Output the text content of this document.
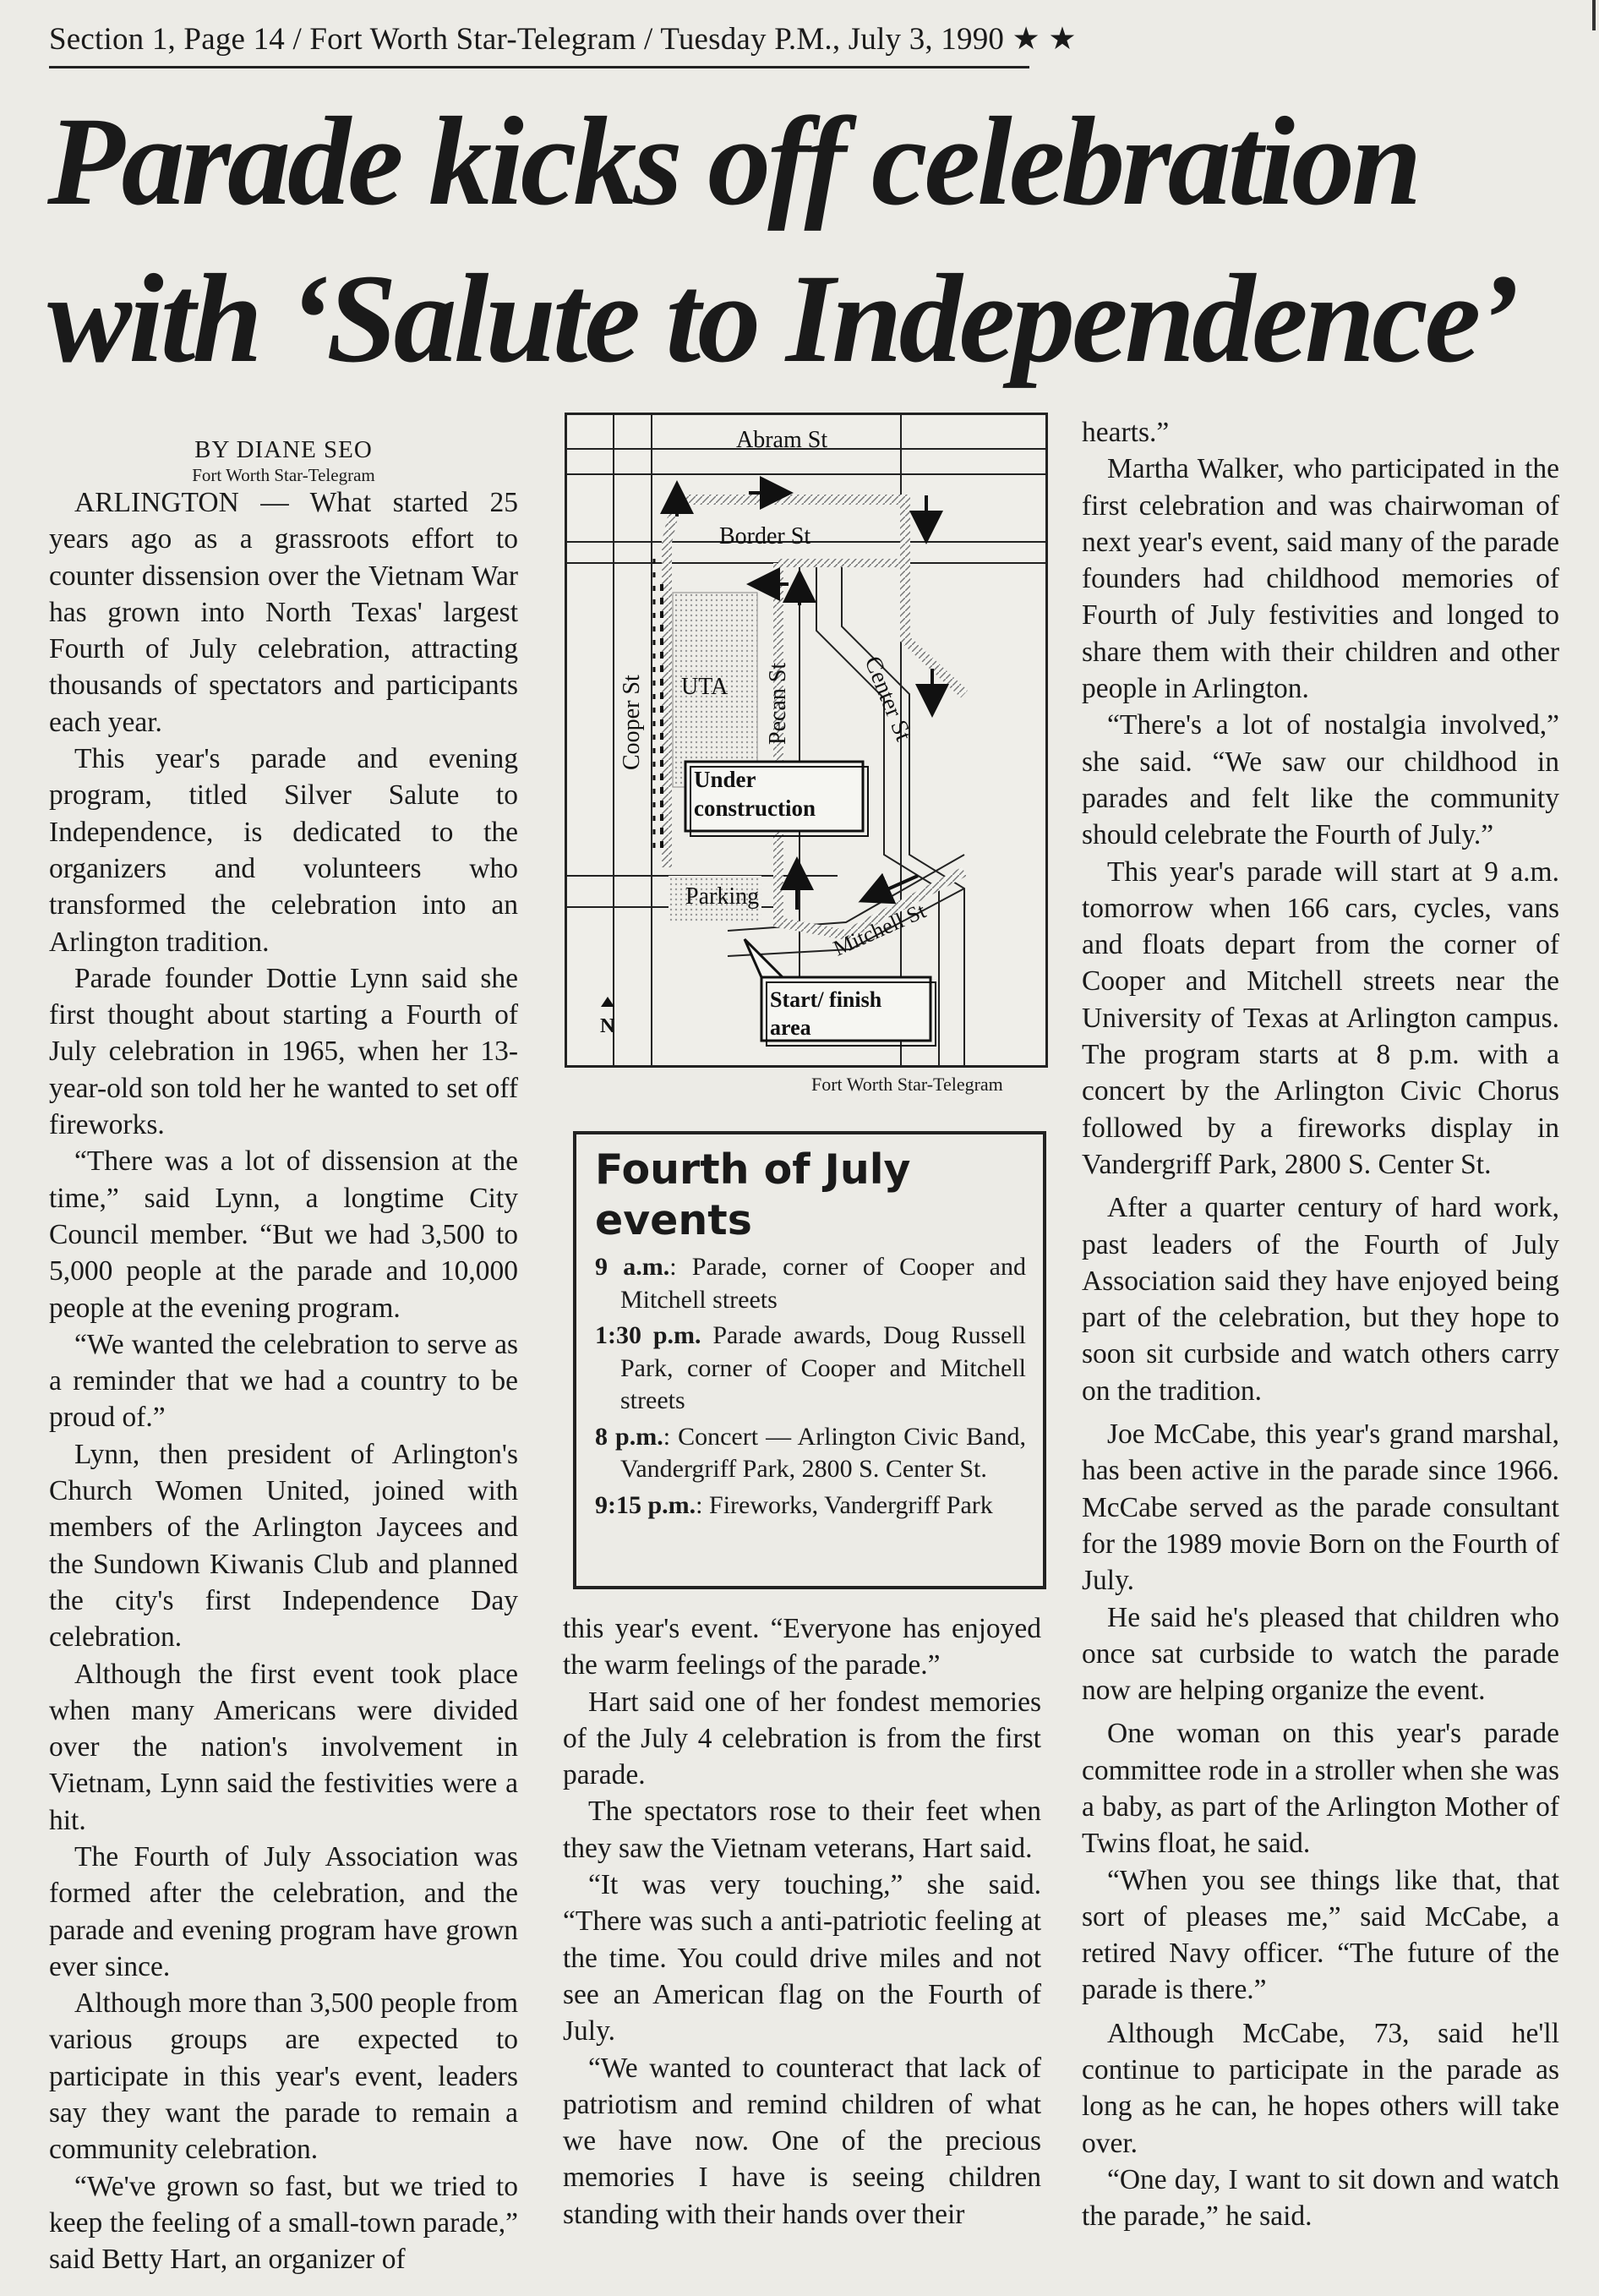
Section 1, Page 14 / Fort Worth Star-Telegram / Tuesday P.M., July 3, 1990 ★ ★
Parade kicks off celebration
with ‘Salute to Independence’
BY DIANE SEO
Fort Worth Star-Telegram

ARLINGTON — What started 25 years ago as a grassroots effort to counter dissension over the Vietnam War has grown into North Texas' largest Fourth of July celebration, attracting thousands of spectators and participants each year.

This year's parade and evening program, titled Silver Salute to Independence, is dedicated to the organizers and volunteers who transformed the celebration into an Arlington tradition.

Parade founder Dottie Lynn said she first thought about starting a Fourth of July celebration in 1965, when her 13-year-old son told her he wanted to set off fireworks.

“There was a lot of dissension at the time,” said Lynn, a longtime City Council member. “But we had 3,500 to 5,000 people at the parade and 10,000 people at the evening program.

“We wanted the celebration to serve as a reminder that we had a country to be proud of.”

Lynn, then president of Arlington's Church Women United, joined with members of the Arlington Jaycees and the Sundown Kiwanis Club and planned the city's first Independence Day celebration.

Although the first event took place when many Americans were divided over the nation's involvement in Vietnam, Lynn said the festivities were a hit.

The Fourth of July Association was formed after the celebration, and the parade and evening program have grown ever since.

Although more than 3,500 people from various groups are expected to participate in this year's event, leaders say they want the parade to remain a community celebration.

“We've grown so fast, but we tried to keep the feeling of a small-town parade,” said Betty Hart, an organizer of

Abram St
Border St
Cooper St UTA Pecan St	Center St
Under
construction
Parking
Mitchell St
Start/ finish
area
N
Fort Worth Star-Telegram
Fourth of July
events

9 a.m.: Parade, corner of Cooper and Mitchell streets

1:30 p.m. Parade awards, Doug Russell Park, corner of Cooper and Mitchell streets

8 p.m.: Concert — Arlington Civic Band, Vandergriff Park, 2800 S. Center St.

9:15 p.m.: Fireworks, Vandergriff Park

this year's event. “Everyone has enjoyed the warm feelings of the parade.”

Hart said one of her fondest memories of the July 4 celebration is from the first parade.

The spectators rose to their feet when they saw the Vietnam veterans, Hart said.

“It was very touching,” she said. “There was such a anti-patriotic feeling at the time. You could drive miles and not see an American flag on the Fourth of July.

“We wanted to counteract that lack of patriotism and remind children of what we have now. One of the precious memories I have is seeing children standing with their hands over their

hearts.”

Martha Walker, who participated in the first celebration and was chairwoman of next year's event, said many of the parade founders had childhood memories of Fourth of July festivities and longed to share them with their children and other people in Arlington.

“There's a lot of nostalgia involved,” she said. “We saw our childhood in parades and felt like the community should celebrate the Fourth of July.”

This year's parade will start at 9 a.m. tomorrow when 166 cars, cycles, vans and floats depart from the corner of Cooper and Mitchell streets near the University of Texas at Arlington campus. The program starts at 8 p.m. with a concert by the Arlington Civic Chorus followed by a fireworks display in Vandergriff Park, 2800 S. Center St.

After a quarter century of hard work, past leaders of the Fourth of July Association said they have enjoyed being part of the celebration, but they hope to soon sit curbside and watch others carry on the tradition.

Joe McCabe, this year's grand marshal, has been active in the parade since 1966. McCabe served as the parade consultant for the 1989 movie Born on the Fourth of July.

He said he's pleased that children who once sat curbside to watch the parade now are helping organize the event.

One woman on this year's parade committee rode in a stroller when she was a baby, as part of the Arlington Mother of Twins float, he said.

“When you see things like that, that sort of pleases me,” said McCabe, a retired Navy officer. “The future of the parade is there.”

Although McCabe, 73, said he'll continue to participate in the parade as long as he can, he hopes others will take over.

“One day, I want to sit down and watch the parade,” he said.
